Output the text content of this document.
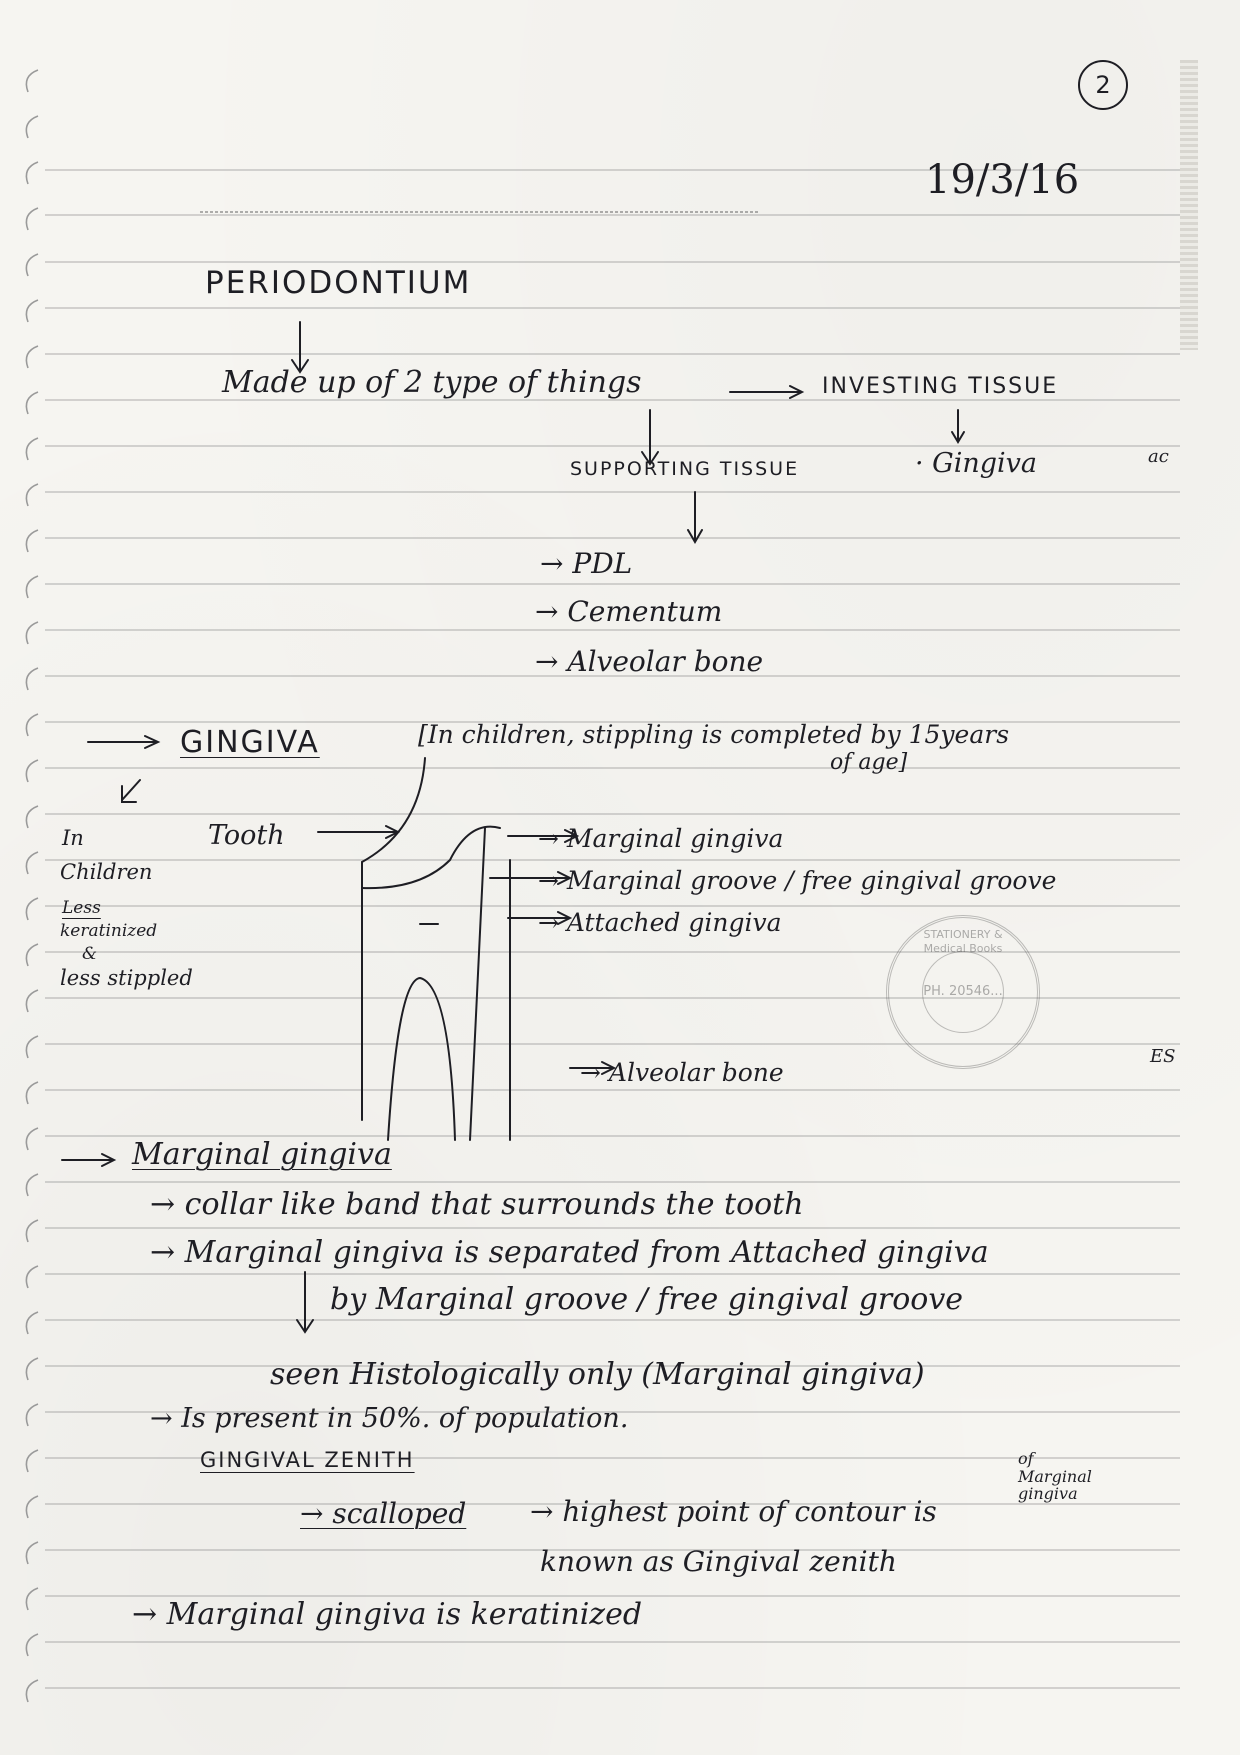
2
19/3/16
PERIODONTIUM
Made up of 2 type of things	INVESTING TISSUE
· Gingiva
SUPPORTING TISSUE
→ PDL
→ Cementum
→ Alveolar bone
GINGIVA	[In children, stippling is completed by 15years
of age]
In
Children
Less
keratinized
&
less stippled
Tooth	→ Marginal gingiva
→ Marginal groove / free gingival groove
→ Attached gingiva
→ Alveolar bone
Marginal gingiva
→ collar like band that surrounds the tooth
→ Marginal gingiva is separated from Attached gingiva
by Marginal groove / free gingival groove
seen Histologically only (Marginal gingiva)
→ Is present in 50%. of population.
GINGIVAL ZENITH	of Marginal gingiva
→ scalloped → highest point of contour is
known as Gingival zenith
→ Marginal gingiva is keratinized
STATIONERY & Medical Books
PH. 20546...
ac
ES
